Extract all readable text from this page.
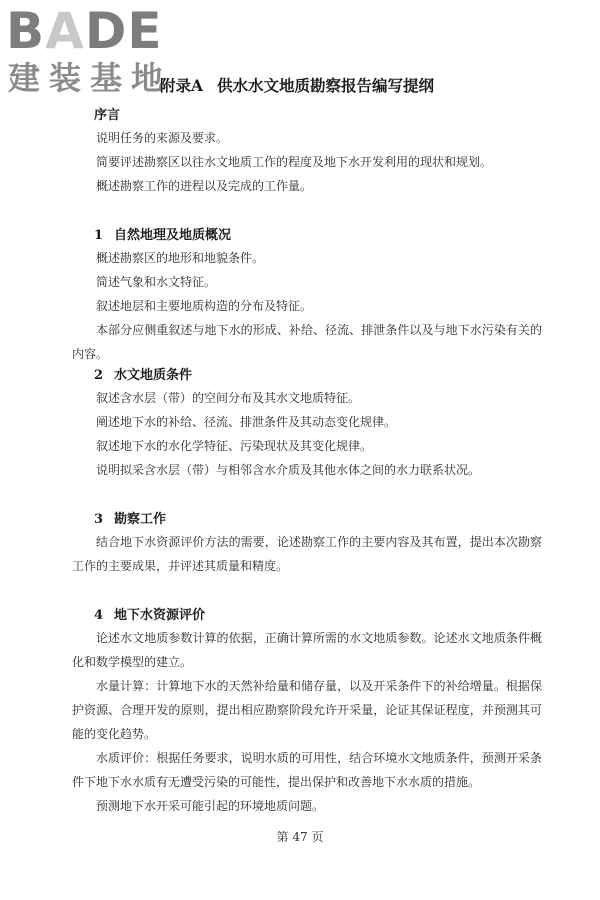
BADE
建装基地
附录A 供水水文地质勘察报告编写提纲
序言

说明任务的来源及要求。

简要评述勘察区以往水文地质工作的程度及地下水开发利用的现状和规划。

概述勘察工作的进程以及完成的工作量。

1 自然地理及地质概况

概述勘察区的地形和地貌条件。

简述气象和水文特征。

叙述地层和主要地质构造的分布及特征。

本部分应侧重叙述与地下水的形成、补给、径流、排泄条件以及与地下水污染有关的内容。

2 水文地质条件

叙述含水层（带）的空间分布及其水文地质特征。

阐述地下水的补给、径流、排泄条件及其动态变化规律。

叙述地下水的水化学特征、污染现状及其变化规律。

说明拟采含水层（带）与相邻含水介质及其他水体之间的水力联系状况。

3 勘察工作

结合地下水资源评价方法的需要，论述勘察工作的主要内容及其布置，提出本次勘察工作的主要成果，并评述其质量和精度。

4 地下水资源评价

论述水文地质参数计算的依据，正确计算所需的水文地质参数。论述水文地质条件概化和数学模型的建立。

水量计算：计算地下水的天然补给量和储存量，以及开采条件下的补给增量。根据保护资源、合理开发的原则，提出相应勘察阶段允许开采量，论证其保证程度，并预测其可能的变化趋势。

水质评价：根据任务要求，说明水质的可用性，结合环境水文地质条件，预测开采条件下地下水水质有无遭受污染的可能性，提出保护和改善地下水水质的措施。

预测地下水开采可能引起的环境地质问题。

第 47 页
